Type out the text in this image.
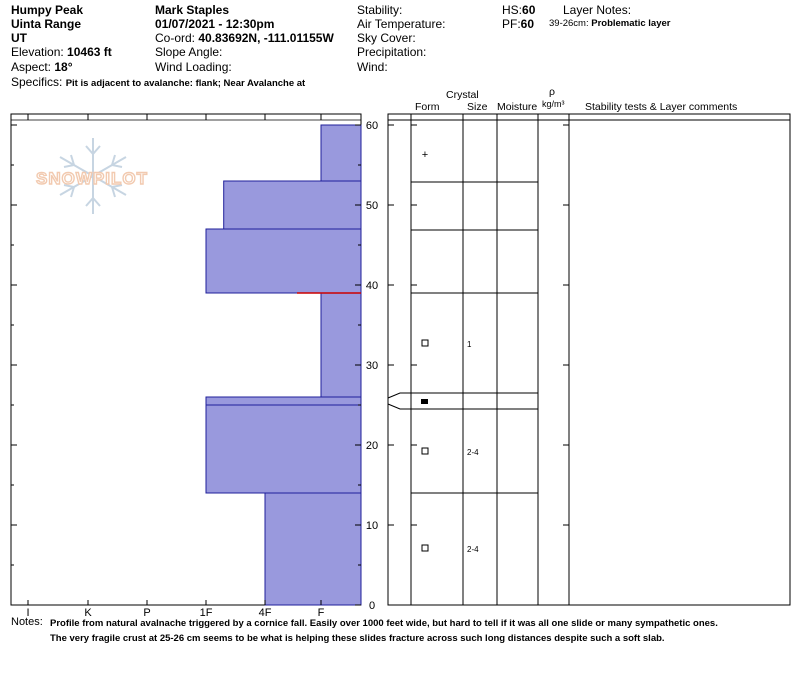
Humpy Peak
Uinta Range
UT
Elevation: 10463 ft
Aspect: 18°
Specifics: Pit is adjacent to avalanche: flank; Near Avalanche at
Mark Staples
01/07/2021 - 12:30pm
Co-ord: 40.83692N, -111.01155W
Slope Angle:
Wind Loading:
Stability:
Air Temperature:
Sky Cover:
Precipitation:
Wind:
HS:60
PF:60
Layer Notes:
39-26cm: Problematic layer
Crystal
Form	Size Moisture
ρ
kg/m³ Stability tests & Layer comments
SNOWPILOT
0
10
20
30
40
50
60
I	K	P	1F	4F	F
+
1
2-4
2-4
Notes: Profile from natural avalnache triggered by a cornice fall. Easily over 1000 feet wide, but hard to tell if it was all one slide or many sympathetic ones.
The very fragile crust at 25-26 cm seems to be what is helping these slides fracture across such long distances despite such a soft slab.
